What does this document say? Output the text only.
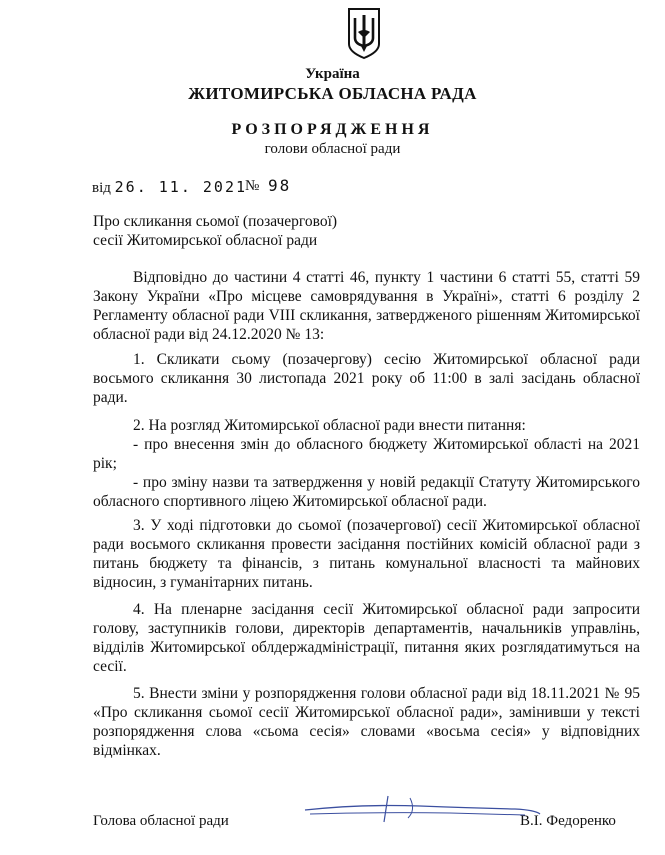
Україна
ЖИТОМИРСЬКА ОБЛАСНА РАДА
РОЗПОРЯДЖЕННЯ
голови обласної ради
від 26. 11. 2021
№ 98
Про скликання сьомої (позачергової)
сесії Житомирської обласної ради
Відповідно до частини 4 статті 46, пункту 1 частини 6 статті 55, статті 59 Закону України «Про місцеве самоврядування в Україні», статті 6 розділу 2 Регламенту обласної ради VIII скликання, затвердженого рішенням Житомирської обласної ради від 24.12.2020 № 13:
1. Скликати сьому (позачергову) сесію Житомирської обласної ради восьмого скликання 30 листопада 2021 року об 11:00 в залі засідань обласної ради.
2. На розгляд Житомирської обласної ради внести питання:
- про внесення змін до обласного бюджету Житомирської області на 2021 рік;
- про зміну назви та затвердження у новій редакції Статуту Житомирського обласного спортивного ліцею Житомирської обласної ради.
3. У ході підготовки до сьомої (позачергової) сесії Житомирської обласної ради восьмого скликання провести засідання постійних комісій обласної ради з питань бюджету та фінансів, з питань комунальної власності та майнових відносин, з гуманітарних питань.
4. На пленарне засідання сесії Житомирської обласної ради запросити голову, заступників голови, директорів департаментів, начальників управлінь, відділів Житомирської облдержадміністрації, питання яких розглядатимуться на сесії.
5. Внести зміни у розпорядження голови обласної ради від 18.11.2021 № 95 «Про скликання сьомої сесії Житомирської обласної ради», замінивши у тексті розпорядження слова «сьома сесія» словами «восьма сесія» у відповідних відмінках.
Голова обласної ради	В.І. Федоренко
